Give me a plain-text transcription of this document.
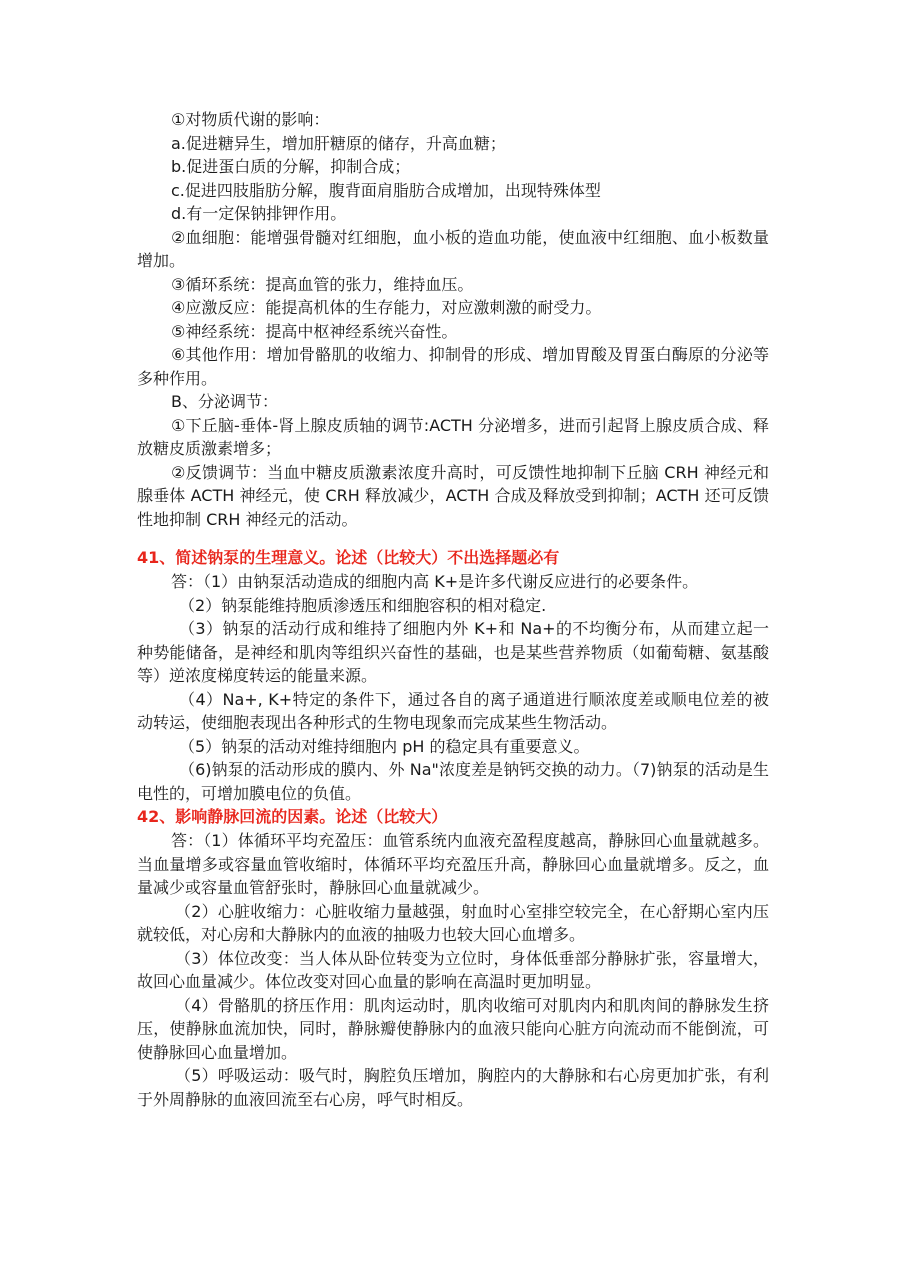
①对物质代谢的影响：

a.促进糖异生，增加肝糖原的储存，升高血糖；

b.促进蛋白质的分解，抑制合成；

c.促进四肢脂肪分解，腹背面肩脂肪合成增加，出现特殊体型

d.有一定保钠排钾作用。

②血细胞：能增强骨髓对红细胞，血小板的造血功能，使血液中红细胞、血小板数量增加。

③循环系统：提高血管的张力，维持血压。

④应激反应：能提高机体的生存能力，对应激刺激的耐受力。

⑤神经系统：提高中枢神经系统兴奋性。

⑥其他作用：增加骨骼肌的收缩力、抑制骨的形成、增加胃酸及胃蛋白酶原的分泌等多种作用。

B、分泌调节：

①下丘脑-垂体-肾上腺皮质轴的调节:ACTH 分泌增多，进而引起肾上腺皮质合成、释放糖皮质激素增多；

②反馈调节：当血中糖皮质激素浓度升高时，可反馈性地抑制下丘脑 CRH 神经元和腺垂体 ACTH 神经元，使 CRH 释放减少，ACTH 合成及释放受到抑制；ACTH 还可反馈性地抑制 CRH 神经元的活动。

41、简述钠泵的生理意义。论述（比较大）不出选择题必有

答：（1）由钠泵活动造成的细胞内高 K+是许多代谢反应进行的必要条件。

（2）钠泵能维持胞质渗透压和细胞容积的相对稳定.

（3）钠泵的活动行成和维持了细胞内外 K+和 Na+的不均衡分布，从而建立起一种势能储备，是神经和肌肉等组织兴奋性的基础，也是某些营养物质（如葡萄糖、氨基酸等）逆浓度梯度转运的能量来源。

（4）Na+, K+特定的条件下，通过各自的离子通道进行顺浓度差或顺电位差的被动转运，使细胞表现出各种形式的生物电现象而完成某些生物活动。

（5）钠泵的活动对维持细胞内 pH 的稳定具有重要意义。

（6)钠泵的活动形成的膜内、外 Na"浓度差是钠钙交换的动力。（7)钠泵的活动是生电性的，可增加膜电位的负值。

42、影响静脉回流的因素。论述（比较大）

答：（1）体循环平均充盈压：血管系统内血液充盈程度越高，静脉回心血量就越多。当血量增多或容量血管收缩时，体循环平均充盈压升高，静脉回心血量就增多。反之，血量减少或容量血管舒张时，静脉回心血量就减少。

（2）心脏收缩力：心脏收缩力量越强，射血时心室排空较完全，在心舒期心室内压就较低，对心房和大静脉内的血液的抽吸力也较大回心血增多。

（3）体位改变：当人体从卧位转变为立位时，身体低垂部分静脉扩张，容量增大，故回心血量减少。体位改变对回心血量的影响在高温时更加明显。

（4）骨骼肌的挤压作用：肌肉运动时，肌肉收缩可对肌肉内和肌肉间的静脉发生挤压，使静脉血流加快，同时，静脉瓣使静脉内的血液只能向心脏方向流动而不能倒流，可使静脉回心血量增加。

（5）呼吸运动：吸气时，胸腔负压增加，胸腔内的大静脉和右心房更加扩张，有利于外周静脉的血液回流至右心房，呼气时相反。
